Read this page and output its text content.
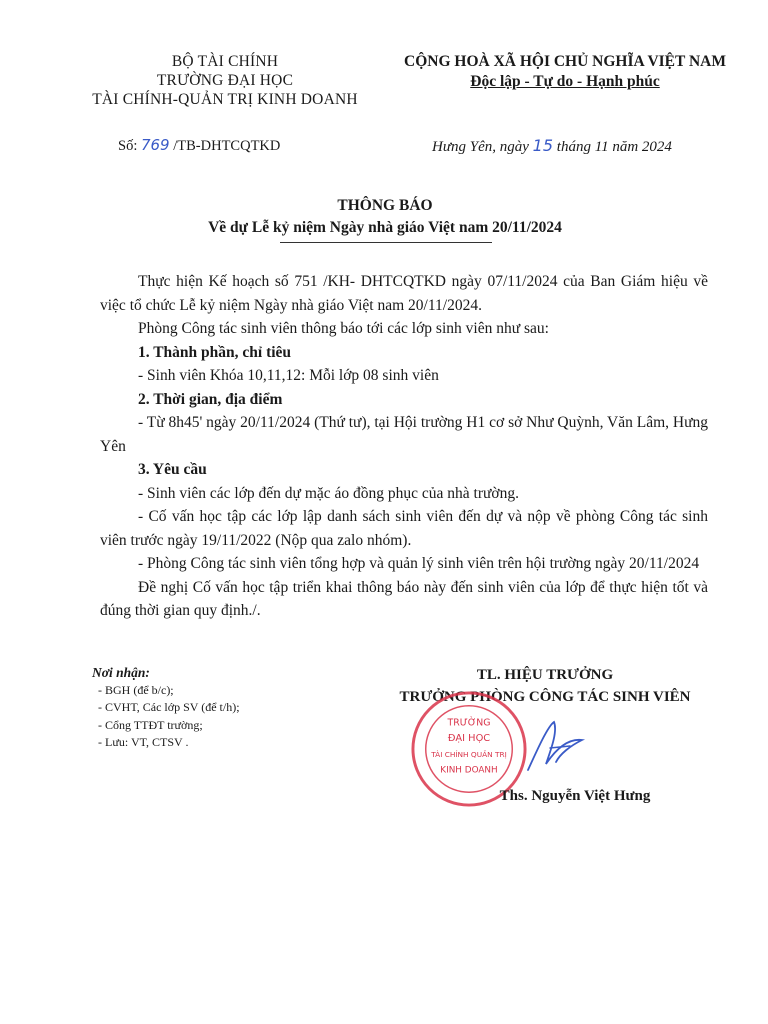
BỘ TÀI CHÍNH
TRƯỜNG ĐẠI HỌC
TÀI CHÍNH-QUẢN TRỊ KINH DOANH
CỘNG HOÀ XÃ HỘI CHỦ NGHĨA VIỆT NAM
Độc lập - Tự do - Hạnh phúc
Số: 769 /TB-DHTCQTKD	Hưng Yên, ngày 15 tháng 11 năm 2024
THÔNG BÁO
Về dự Lễ kỷ niệm Ngày nhà giáo Việt nam 20/11/2024

Thực hiện Kế hoạch số 751 /KH- DHTCQTKD ngày 07/11/2024 của Ban Giám hiệu về việc tổ chức Lễ kỷ niệm Ngày nhà giáo Việt nam 20/11/2024.

Phòng Công tác sinh viên thông báo tới các lớp sinh viên như sau:

1. Thành phần, chỉ tiêu

- Sinh viên Khóa 10,11,12: Mỗi lớp 08 sinh viên

2. Thời gian, địa điểm

- Từ 8h45' ngày 20/11/2024 (Thứ tư), tại Hội trường H1 cơ sở Như Quỳnh, Văn Lâm, Hưng Yên

3. Yêu cầu

- Sinh viên các lớp đến dự mặc áo đồng phục của nhà trường.

- Cố vấn học tập các lớp lập danh sách sinh viên đến dự và nộp về phòng Công tác sinh viên trước ngày 19/11/2022 (Nộp qua zalo nhóm).

- Phòng Công tác sinh viên tổng hợp và quản lý sinh viên trên hội trường ngày 20/11/2024

Đề nghị Cố vấn học tập triển khai thông báo này đến sinh viên của lớp để thực hiện tốt và đúng thời gian quy định./.

Nơi nhận:
- BGH (để b/c);
- CVHT, Các lớp SV (để t/h);
- Cổng TTĐT trường;
- Lưu: VT, CTSV .
TL. HIỆU TRƯỞNG
TRƯỞNG PHÒNG CÔNG TÁC SINH VIÊN
TRƯỜNG
ĐẠI HỌC
TÀI CHÍNH QUẢN TRỊ
KINH DOANH
Ths. Nguyễn Việt Hưng
